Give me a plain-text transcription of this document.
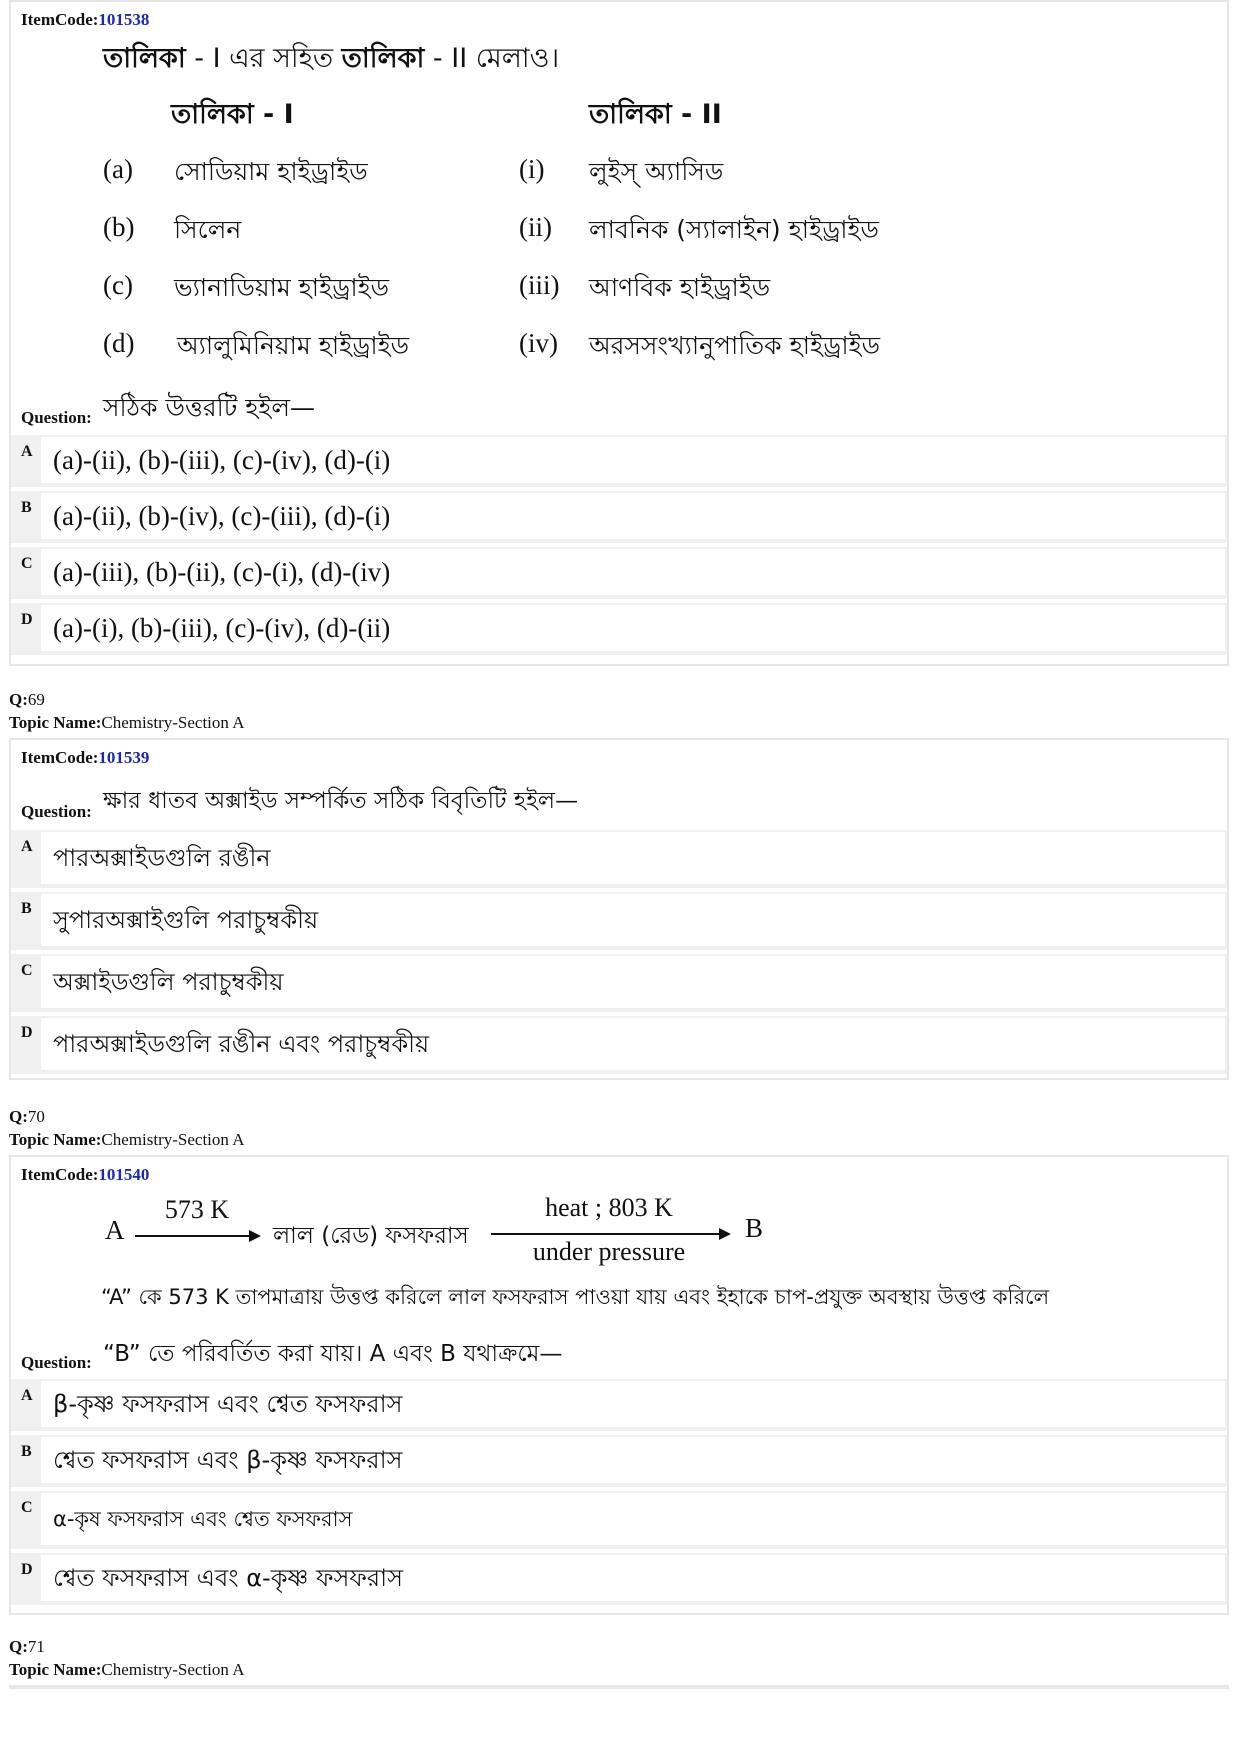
ItemCode:101538
তালিকা - I এর সহিত তালিকা - II মেলাও।
তালিকা - I	তালিকা - II
(a) সোডিয়াম হাইড্রাইড
(b) সিলেন
(c) ভ্যানাডিয়াম হাইড্রাইড
(d) অ্যালুমিনিয়াম হাইড্রাইড
(i) লুইস্ অ্যাসিড
(ii) লাবনিক (স্যালাইন) হাইড্রাইড
(iii) আণবিক হাইড্রাইড
(iv) অরসসংখ্যানুপাতিক হাইড্রাইড
Question: সঠিক উত্তরটি হইল—
A (a)-(ii), (b)-(iii), (c)-(iv), (d)-(i)
B (a)-(ii), (b)-(iv), (c)-(iii), (d)-(i)
C (a)-(iii), (b)-(ii), (c)-(i), (d)-(iv)
D (a)-(i), (b)-(iii), (c)-(iv), (d)-(ii)
Q:69
Topic Name:Chemistry-Section A
ItemCode:101539
Question: ক্ষার ধাতব অক্সাইড সম্পর্কিত সঠিক বিবৃতিটি হইল—
A পারঅক্সাইডগুলি রঙীন
B সুপারঅক্সাইগুলি পরাচুম্বকীয়
C অক্সাইডগুলি পরাচুম্বকীয়
D পারঅক্সাইডগুলি রঙীন এবং পরাচুম্বকীয়
Q:70
Topic Name:Chemistry-Section A
ItemCode:101540
A
573 K
লাল (রেড) ফসফরাস
heat ; 803 K
under pressure
B
“A” কে 573 K তাপমাত্রায় উত্তপ্ত করিলে লাল ফসফরাস পাওয়া যায় এবং ইহাকে চাপ-প্রযুক্ত অবস্থায় উত্তপ্ত করিলে
Question: “B” তে পরিবর্তিত করা যায়। A এবং B যথাক্রমে—
A β-কৃষ্ণ ফসফরাস এবং শ্বেত ফসফরাস
B শ্বেত ফসফরাস এবং β-কৃষ্ণ ফসফরাস
C α-কৃষ ফসফরাস এবং শ্বেত ফসফরাস
D শ্বেত ফসফরাস এবং α-কৃষ্ণ ফসফরাস
Q:71
Topic Name:Chemistry-Section A
